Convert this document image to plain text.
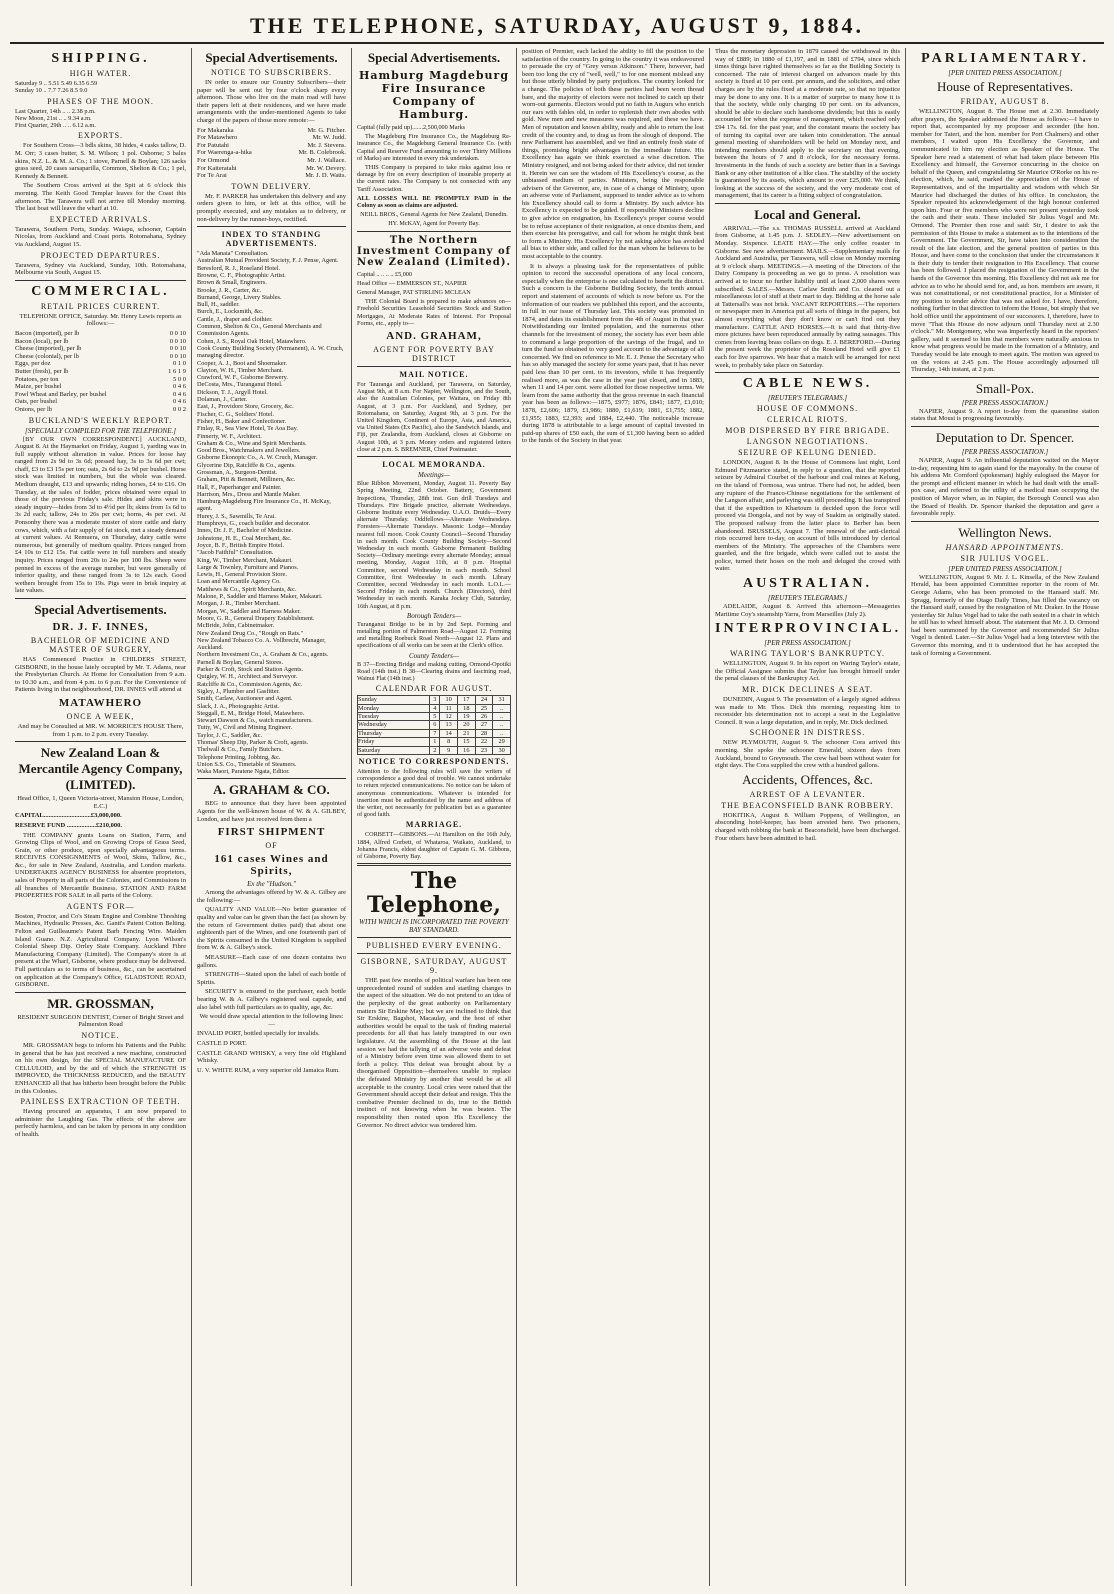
THE TELEPHONE, SATURDAY, AUGUST 9, 1884.
SHIPPING.
HIGH WATER.
Saturday 9 .. 5.51 5.49 6.35 6.59
Sunday 10 .. 7.7 7.26 8.5 9.0
PHASES OF THE MOON.
Last Quarter, 14th .. .. 2.38 p.m.
New Moon, 21st .. .. 9.34 a.m.
First Quarter, 29th .. .. 6.12 a.m.
EXPORTS.

For Southern Cross—3 bdls skins, 38 hides, 4 casks tallow, D. M. Orr; 3 cases butter, S. M. Wilson; 1 pol. Osborne; 3 bales skins, N.Z. L. & M. A. Co.; 1 stove, Parnell & Boylan; 126 sacks grass seed, 20 cases sarsaparilla, Common, Shelton & Co.; 1 pel, Kennedy & Bennett.

The Southern Cross arrived at the Spit at 6 o'clock this morning. The Keith Good Templar leaves for the Coast this afternoon. The Tarawera will not arrive till Monday morning. The last boat will leave the wharf at 10.

EXPECTED ARRIVALS.

Tarawera, Southern Ports, Sunday. Waiapu, schooner, Captain Nicolas, from Auckland and Coast ports. Rotomahana, Sydney via Auckland, August 15.

PROJECTED DEPARTURES.

Tarawera, Sydney via Auckland, Sunday, 10th. Rotomahana, Melbourne via South, August 15.

COMMERCIAL.
RETAIL PRICES CURRENT.

TELEPHONE OFFICE, Saturday. Mr. Henry Lewis reports as follows:—

Bacon (imported), per lb	0 0 10
Bacon (local), per lb	0 0 10
Cheese (imported), per lb	0 0 10
Cheese (colonial), per lb	0 0 10
Eggs, per doz	0 1 0
Butter (fresh), per lb	1 6 1 9
Potatoes, per ton	5 0 0
Maize, per bushel	0 4 6
Fowl Wheat and Barley, per bushel	0 4 6
Oats, per bushel	0 4 6
Onions, per lb	0 0 2
BUCKLAND'S WEEKLY REPORT.
[SPECIALLY COMPILED FOR THE TELEPHONE.]

[BY OUR OWN CORRESPONDENT.] AUCKLAND, August 8. At the Haymarket on Friday, August 1, yarding was in full supply without alteration in value. Prices for loose hay ranged from 2s 9d to 3s 6d; pressed hay, 3s to 3s 6d per cwt; chaff, £3 to £3 15s per ton; oats, 2s 6d to 2s 9d per bushel. Horse stock was limited in numbers, but the whole was cleared. Medium draught, £13 and upwards; riding horses, £4 to £16. On Tuesday, at the sales of fodder, prices obtained were equal to those of the previous Friday's sale. Hides and skins were in steady inquiry—hides from 3d to 4½d per lb; skins from 1s 6d to 3s 2d each; tallow, 24s to 26s per cwt; horns, 4s per cwt. At Ponsonby there was a moderate muster of store cattle and dairy cows, which, with a fair supply of fat stock, met a steady demand at current values. At Remuera, on Thursday, dairy cattle were numerous, but generally of medium quality. Prices ranged from £4 10s to £12 15s. Fat cattle were in full numbers and steady inquiry. Prices ranged from 20s to 24s per 100 lbs. Sheep were penned in excess of the average number, but were generally of inferior quality, and these ranged from 3s to 12s each. Good wethers brought from 15s to 19s. Pigs were in brisk inquiry at late values.

Special Advertisements.
DR. J. F. INNES,
BACHELOR OF MEDICINE AND MASTER OF SURGERY,

HAS Commenced Practice in CHILDERS STREET, GISBORNE, in the house lately occupied by Mr. T. Adams, near the Presbyterian Church. At Home for Consultation from 9 a.m. to 10.30 a.m., and from 4 p.m. to 6 p.m. For the Convenience of Patients living in that neighbourhood, DR. INNES will attend at

MATAWHERO
ONCE A WEEK,

And may be Consulted at MR. W. MORRICE'S HOUSE There, from 1 p.m. to 2 p.m. every Tuesday.

New Zealand Loan & Mercantile Agency Company, (LIMITED).

Head Office, 1, Queen Victoria-street, Mansion House, London, E.C.)

CAPITAL.............................£3,000,000.

RESERVE FUND ..................£210,000.

THE COMPANY grants Loans on Station, Farm, and Growing Clips of Wool, and on Growing Crops of Grass Seed, Grain, or other produce, upon specially advantageous terms. RECEIVES CONSIGNMENTS of Wool, Skins, Tallow, &c., &c., for sale in New Zealand, Australia, and London markets. UNDERTAKES AGENCY BUSINESS for absentee proprietors, sales of Property in all parts of the Colonies, and Commissions in all branches of Mercantile Business. STATION AND FARM PROPERTIES FOR SALE in all parts of the Colony.

AGENTS FOR—

Boston, Proctor, and Co's Steam Engine and Combine Threshing Machines, Hydraulic Presses, &c. Gantt's Patent Cotton Belting. Felton and Guilleaume's Patent Barb Fencing Wire. Maiden Island Guano. N.Z. Agricultural Company. Lyon Wilson's Colonial Sheep Dip. Orrley State Company. Auckland Fibre Manufacturing Company (Limited). The Company's store is at present at the Wharf, Gisborne, where produce may be delivered. Full particulars as to terms of business, &c., can be ascertained on application at the Company's Office, GLADSTONE ROAD, GISBORNE.

MR. GROSSMAN,

RESIDENT SURGEON DENTIST, Corner of Bright Street and Palmerston Road

NOTICE.

MR. GROSSMAN begs to inform his Patients and the Public in general that he has just received a new machine, constructed on his own design, for the SPECIAL MANUFACTURE OF CELLULOID, and by the aid of which the STRENGTH IS IMPROVED, the THICKNESS REDUCED, and the BEAUTY ENHANCED all that has hitherto been brought before the Public in this Colonies.

PAINLESS EXTRACTION OF TEETH.

Having procured an apparatus, I am now prepared to administer the Laughing Gas. The effects of the above are perfectly harmless, and can be taken by persons in any condition of health.

Special Advertisements.
NOTICE TO SUBSCRIBERS.

IN order to ensure our Country Subscribers—their paper will be sent out by four o'clock sharp every afternoon. Those who live on the main road will have their papers left at their residences, and we have made arrangements with the under-mentioned Agents to take charge of the papers of those more remote:—

For Makaraka	Mr. G. Fitcher.
For Matawhero	Mr. W. Judd.
For Patutahi	Mr. J. Stevens.
For Waerenga-a-hika	Mr. B. Colebrook.
For Ormond	Mr. J. Wallace.
For Kaiteratahi	Mr. W. Devery.
For Te Arai	Mr. J. D. Watts.
TOWN DELIVERY.

Mr. F. PARKER has undertaken this delivery and any orders given to him, or left at this office, will be promptly executed, and any mistakes as to delivery, or non-delivery by the runner-boys, rectified.

INDEX TO STANDING ADVERTISEMENTS.
"Ada Manaia" Consultation.
Australian Mutual Provident Society, F. J. Pense, Agent.
Beresford, R. J., Roseland Hotel.
Browne, C. F., Photographic Artist.
Brown & Small, Engineers.
Brooke, J. R., Carter, &c.
Burnand, George, Livery Stables.
Bull, H., saddler.
Burch, E., Locksmith, &c.
Cantle, J., draper and clothier.
Common, Shelton & Co., General Merchants and Commission Agents.
Cohen, J. S., Royal Oak Hotel, Matawhero.
Cook County Building Society (Permanent), A. W. Cruch, managing director.
Cooper, A. J., Boot and Shoemaker.
Clayton, W. H., Timber Merchant.
Crawford, W. F., Gisborne Brewery.
DeCosta, Mrs., Turanganui Hotel.
Dickson, T. J., Argyll Hotel.
Dolaman, J., Carter.
East, J., Providore Store, Grocery, &c.
Fischer, C. G., Soldiers' Hotel.
Fisher, H., Baker and Confectioner.
Finlay, R., Sea View Hotel, Te Aoa Bay.
Finnerty, W. F., Architect.
Graham & Co., Wine and Spirit Merchants.
Good Bros., Watchmakers and Jewellers.
Gisborne Ekonopic Co., A. W. Cruch, Manager.
Glycerine Dip, Ratcliffe & Co., agents.
Grossman, A., Surgeon-Dentist.
Graham, Pitt & Bennett, Milliners, &c.
Hall, F., Paperhanger and Painter.
Harrison, Mrs., Dress and Mantle Maker.
Hamburg-Magdeburg Fire Insurance Co., H. McKay, agent.
Hurey, J. S., Sawmills, Te Arai.
Humphreys, G., coach builder and decorator.
Innes, Dr. J. F., Bachelor of Medicine.
Johnstone, H. E., Coal Merchant, &c.
Joyce, B. F., British Empire Hotel.
"Jacob Faithful" Consultation.
King, W., Timber Merchant, Makauri.
Large & Townley, Furniture and Pianos.
Lewis, H., General Provision Store.
Loan and Mercantile Agency Co.
Matthews & Co., Spirit Merchants, &c.
Malone, P., Saddler and Harness Maker, Makauri.
Morgan, J. R., Timber Merchant.
Morgan, W., Saddler and Harness Maker.
Moore, G. R., General Drapery Establishment.
McBride, John, Cabinetmaker.
New Zealand Drug Co., "Rough on Rats."
New Zealand Tobacco Co. A. Vollbrecht, Manager, Auckland.
Northern Investment Co., A. Graham & Co., agents.
Parnell & Boylan, General Stores.
Parker & Croft, Stock and Station Agents.
Quigley, W. H., Architect and Surveyor.
Ratcliffe & Co., Commission Agents, &c.
Sigley, J., Plumber and Gasfitter.
Smith, Carlaw, Auctioneer and Agent.
Slack, J. A., Photographic Artist.
Steggall, E. M., Bridge Hotel, Matawhero.
Stewart Dawson & Co., watch manufacturers.
Tutty, W., Civil and Mining Engineer.
Taylor, J. C., Saddler, &c.
Thomas' Sheep Dip, Parker & Croft, agents.
Thelwall & Co., Family Butchers.
Telephone Printing, Jobbing, &c.
Union S.S. Co., Timetable of Steamers.
Waka Maori, Paratene Ngata, Editor.
A. GRAHAM & CO.

BEG to announce that they have been appointed Agents for the well-known house of W. & A. GILBEY, London, and have just received from them a

FIRST SHIPMENT
OF
161 cases Wines and Spirits,
Ex the "Hudson."

Among the advantages offered by W. & A. Gilbey are the following:—

QUALITY AND VALUE—No better guarantee of quality and value can be given than the fact (as shown by the return of Government duties paid) that about one eighteenth part of the Wines, and one fourteenth part of the Spirits consumed in the United Kingdom is supplied from W. & A. Gilbey's stock.

MEASURE—Each case of one dozen contains two gallons.

STRENGTH—Stated upon the label of each bottle of Spirits.

SECURITY is ensured to the purchaser, each bottle bearing W. & A. Gilbey's registered seal capsule, and also label with full particulars as to quality, age, &c.

We would draw special attention to the following lines:—

INVALID PORT, bottled specially for invalids.

CASTLE D PORT.

CASTLE GRAND WHISKY, a very fine old Highland Whisky.

U. V. WHITE RUM, a very superior old Jamaica Rum.

Special Advertisements.
Hamburg Magdeburg Fire Insurance Company of Hamburg.

Capital (fully paid up).......2,500,000 Marks

The Magdeburg Fire Insurance Co., the Magdeburg Re-insurance Co., the Magdeburg General Insurance Co. (with Capital and Reserve Fund amounting to over Thirty Millions of Marks) are interested in every risk undertaken.

THIS Company is prepared to take risks against loss or damage by fire on every description of insurable property at the current rates. The Company is not connected with any Tariff Association.

ALL LOSSES WILL BE PROMPTLY PAID in the Colony as soon as claims are adjusted.

NEILL BROS., General Agents for New Zealand, Dunedin.

HY. McKAY, Agent for Poverty Bay.

The Northern Investment Company of New Zealand (Limited).

Capital .. .. .. .. £5,000

Head Office — EMMERSON ST., NAPIER

General Manager, PAT STIRLING MCLEAN

THE Colonial Board is prepared to make advances on— Freehold Securities Leasehold Securities Stock and Station Mortgages, At Moderate Rates of Interest. For Proposal Forms, etc., apply to—

AND. GRAHAM,
AGENT FOR POVERTY BAY DISTRICT
MAIL NOTICE.

For Tauranga and Auckland, per Tarawera, on Saturday, August 9th, at 8 a.m. For Napier, Wellington, and the South, also the Australian Colonies, per Waitara, on Friday 8th August, at 3 p.m. For Auckland, and Sydney, per Rotomahana, on Saturday, August 9th, at 3 p.m. For the United Kingdom, Continent of Europe, Asia, and America, via United States (Ex Pacific), also the Sandwich Islands, and Fiji, per Zealandia, from Auckland, closes at Gisborne on August 10th, at 3 p.m. Money orders and registered letters close at 2 p.m. S. BREMNER, Chief Postmaster.

LOCAL MEMORANDA.
Meetings—

Blue Ribbon Movement, Monday, August 11. Poverty Bay Spring Meeting, 22nd October. Battery, Government Inspections, Thursday, 28th inst. Gun drill Tuesdays and Thursdays. Fire Brigade practice, alternate Wednesdays. Gisborne Institute every Wednesday. U.A.O. Druids—Every alternate Thursday. Oddfellows—Alternate Wednesdays. Foresters—Alternate Tuesdays. Masonic Lodge—Monday nearest full moon. Cook County Council—Second Thursday in each month. Cook County Building Society—Second Wednesday in each month. Gisborne Permanent Building Society—Ordinary meetings every alternate Monday; annual meeting, Monday, August 11th, at 8 p.m. Hospital Committee, second Wednesday in each month. School Committee, first Wednesday in each month. Library Committee, second Wednesday in each month. L.O.L.—Second Friday in each month. Church (Directors), third Wednesday in each month. Karaka Jockey Club, Saturday, 16th August, at 8 p.m.

Borough Tenders—

Turanganui Bridge to be in by 2nd Sept. Forming and metalling portion of Palmerston Road—August 12. Forming and metalling Roebuck Road North—August 12. Plans and specifications of all works can be seen at the Clerk's office.

County Tenders—

B 37—Erecting Bridge and making cutting, Ormond-Opotiki Road (14th inst.) B 38—Clearing drains and fascining road, Wainui Flat (14th inst.)

CALENDAR FOR AUGUST.
Sunday	3	10	17	24	31
Monday	4	11	18	25	..
Tuesday	5	12	19	26	..
Wednesday	6	13	20	27	..
Thursday	7	14	21	28	..
Friday	1	8	15	22	29
Saturday	2	9	16	23	30
NOTICE TO CORRESPONDENTS.

Attention to the following rules will save the writers of correspondence a good deal of trouble. We cannot undertake to return rejected communications. No notice can be taken of anonymous communications. Whatever is intended for insertion must be authenticated by the name and address of the writer, not necessarily for publication but as a guarantee of good faith.

MARRIAGE.

CORBETT—GIBBONS.—At Hamilton on the 16th July, 1884, Alfred Corbett, of Whataroa, Waikato, Auckland, to Johanna Francis, eldest daughter of Captain G. M. Gibbons, of Gisborne, Poverty Bay.

The Telephone,
WITH WHICH IS INCORPORATED THE POVERTY BAY STANDARD.
PUBLISHED EVERY EVENING.
GISBORNE, SATURDAY, AUGUST 9.

THE past few months of political warfare has been one unprecedented round of sudden and startling changes in the aspect of the situation. We do not pretend to an idea of the perplexity of the great authority on Parliamentary matters Sir Erskine May; but we are inclined to think that Sir Erskine, Bagshot, Macaulay, and the host of other authorities would be equal to the task of finding material precedents for all that has lately transpired in our own legislature. At the assembling of the House at the last session we had the tallying of an adverse vote and defeat of a Ministry before even time was allowed them to set forth a policy. This defeat was brought about by a disorganised Opposition—themselves unable to replace the defeated Ministry by another that would be at all acceptable to the country. Local cries were raised that the Government should accept their defeat and resign. This the combative Premier declined to do, true to the British instinct of not knowing when he was beaten. The responsibility then rested upon His Excellency the Governor. No direct advice was tendered him.

position of Premier, each lacked the ability to fill the position to the satisfaction of the country. In going to the country it was endeavoured to persuade the cry of "Grey versus Atkinson." There, however, had been too long the cry of "well, well," to for one moment mislead any but those utterly blinded by party prejudices. The country looked for a change. The policies of both these parties had been worn thread bare, and the majority of electors were not inclined to catch up their worn-out garments. Electors would put no faith in Augurs who enrich our ears with fables old, in order to replenish their own abodes with gold. New men and new measures was required, and these we have. Men of reputation and known ability, ready and able to return the lost credit of the country and, to drag us from the slough of despond. The new Parliament has assembled, and we find an entirely fresh state of things, promising bright advantages in the immediate future. His Excellency has again we think exercised a wise discretion. The Ministry resigned, and not being asked for their advice, did not tender it. Herein we can see the wisdom of His Excellency's course, as the unbiassed medium of parties. Ministers, being the responsible advisers of the Governor, are, in case of a change of Ministry, upon an adverse vote of Parliament, supposed to tender advice as to whom his Excellency should call to form a Ministry. By such advice his Excellency is expected to be guided. If responsible Ministers decline to give advice on resignation, his Excellency's proper course would be to refuse acceptance of their resignation, at once dismiss them, and then exercise his prerogative, and call for whom he might think best to form a Ministry. His Excellency by not asking advice has avoided all bias to either side, and called for the man whom he believes to be most acceptable to the country.

It is always a pleasing task for the representatives of public opinion to record the successful operations of any local concern, especially when the enterprise is one calculated to benefit the district. Such a concern is the Gisborne Building Society, the tenth annual report and statement of accounts of which is now before us. For the information of our readers we published this report, and the accounts, in full in our issue of Thursday last. This society was promoted in 1874, and dates its establishment from the 4th of August in that year. Notwithstanding our limited population, and the numerous other channels for the investment of money, the society has ever been able to command a large proportion of the savings of the frugal, and to turn the fund so obtained to very good account to the advantage of all concerned. We find on reference to Mr. E. J. Pense the Secretary who has so ably managed the society for some years past, that it has never paid less than 10 per cent. to its investors, while it has frequently realised more, as was the case in the year just closed, and in 1883, when 11 and 14 per cent. were allotted for those respective terms. We learn from the same authority that the gross revenue in each financial year has been as follows:—1875, £977; 1876, £841; 1877, £1,010; 1878, £2,606; 1879, £1,986; 1880, £1,619; 1881, £1,755; 1882, £1,955; 1883, £2,393; and 1884, £2,440. The noticeable increase during 1878 is attributable to a large amount of capital invested in paid-up shares of £50 each, the sum of £1,300 having been so added to the funds of the Society in that year.

Thus the monetary depression in 1879 caused the withdrawal in this way of £889; in 1880 of £1,197, and in 1881 of £794, since which times things have righted themselves so far as the Building Society is concerned. The rate of interest charged on advances made by this society is fixed at 10 per cent. per annum, and the solicitors, and other charges are by the rules fixed at a moderate rate, so that no injustice may be done to any one. It is a matter of surprise to many how it is that the society, while only charging 10 per cent. on its advances, should be able to declare such handsome dividends; but this is easily accounted for when the expense of management, which reached only £94 17s. 6d. for the past year, and the constant means the society has of turning its capital over are taken into consideration. The annual general meeting of shareholders will be held on Monday next, and intending members should apply to the secretary on that evening, between the hours of 7 and 8 o'clock, for the necessary forms. Investments in the funds of such a society are better than in a Savings Bank or any other institution of a like class. The stability of the society is guaranteed by its assets, which amount to over £25,000. We think, looking at the success of the society, and the very moderate cost of management, that its career is a fitting subject of congratulation.

Local and General.

ARRIVAL.—The s.s. THOMAS RUSSELL arrived at Auckland from Gisborne, at 1.45 p.m. J. SEDLEY.—New advertisement on Monday. Sixpence. LEATE HAY.—The only coffee roaster in Gisborne. See new advertisement. MAILS.—Supplementary mails for Auckland and Australia, per Tarawera, will close on Monday morning at 9 o'clock sharp. MEETINGS.—A meeting of the Directors of the Dairy Company is proceeding as we go to press. A resolution was arrived at to incur no further liability until at least 2,000 shares were subscribed. SALES.—Messrs. Carlaw Smith and Co. cleared out a miscellaneous lot of stuff at their mart to day. Bidding at the horse sale at Tattersall's was not brisk. VACANT REPORTERS.—The reporters or newspaper men in America put all sorts of things in the papers, but almost everything what they don't know or can't find out they manufacture. CATTLE AND HORSES.—It is said that thirty-five more pictures have been reproduced annually by eating sausages. This comes from leaving brass collars on dogs. E. J. BEREFORD.—During the present week the proprietor of the Roseland Hotel will give £1 each for live sparrows. We hear that a match will be arranged for next week, to probably take place on Saturday.

CABLE NEWS.
[REUTER'S TELEGRAMS.]
HOUSE OF COMMONS.
CLERICAL RIOTS.
MOB DISPERSED BY FIRE BRIGADE.
LANGSON NEGOTIATIONS.
SEIZURE OF KELUNG DENIED.

LONDON, August 8. In the House of Commons last night, Lord Edmund Fitzmaurice stated, in reply to a question, that the reported seizure by Admiral Courbet of the harbour and coal mines at Kelung, on the island of Formosa, was untrue. There had not, he added, been any rupture of the Franco-Chinese negotiations for the settlement of the Langson affair, and parleying was still proceeding. It has transpired that if the expedition to Khartoum is decided upon the force will proceed via Dongola, and not by way of Suakim as originally stated. The proposed railway from the latter place to Berber has been abandoned. BRUSSELS, August 7. The renewal of the anti-clerical riots occurred here to-day, on account of bills introduced by clerical members of the Ministry. The approaches of the Chambers were guarded, and the fire brigade, which were called out to assist the police, turned their hoses on the mob and deluged the crowd with water.

AUSTRALIAN.
[REUTER'S TELEGRAMS.]

ADELAIDE, August 8. Arrived this afternoon—Messageries Maritime Coy's steamship Yarra, from Marseilles (July 2).

INTERPROVINCIAL.
[PER PRESS ASSOCIATION.]
WARING TAYLOR'S BANKRUPTCY.

WELLINGTON, August 9. In his report on Waring Taylor's estate, the Official Assignee submits that Taylor has brought himself under the penal clauses of the Bankruptcy Act.

MR. DICK DECLINES A SEAT.

DUNEDIN, August 9. The presentation of a largely signed address was made to Mr. Thos. Dick this morning, requesting him to reconsider his determination not to accept a seat in the Legislative Council. It was a large deputation, and in reply, Mr. Dick declined.

SCHOONER IN DISTRESS.

NEW PLYMOUTH, August 9. The schooner Cora arrived this morning. She spoke the schooner Emerald, sixteen days from Auckland, bound to Greymouth. The crew had been without water for eight days. The Cora supplied the crew with a hundred gallons.

Accidents, Offences, &c.
ARREST OF A LEVANTER.
THE BEACONSFIELD BANK ROBBERY.

HOKITIKA, August 8. William Poppens, of Wellington, an absconding hotel-keeper, has been arrested here. Two prisoners, charged with robbing the bank at Beaconsfield, have been discharged. Four others have been admitted to bail.

PARLIAMENTARY.
[PER UNITED PRESS ASSOCIATION.]
House of Representatives.
FRIDAY, AUGUST 8.

WELLINGTON, August 8. The House met at 2.30. Immediately after prayers, the Speaker addressed the House as follows:—I have to report that, accompanied by my proposer and seconder (the hon. member for Taieri, and the hon. member for Port Chalmers) and other members, I waited upon His Excellency the Governor, and communicated to him my election as Speaker of the House. The Speaker here read a statement of what had taken place between His Excellency and himself, the Governor concurring in the choice on behalf of the Queen, and congratulating Sir Maurice O'Rorke on his re-election, which, he said, marked the appreciation of the House of Representatives, and of the impartiality and wisdom with which Sir Maurice had discharged the duties of his office. In conclusion, the Speaker repeated his acknowledgement of the high honour conferred upon him. Four or five members who were not present yesterday took the oath and their seats. These included Sir Julius Vogel and Mr. Ormond. The Premier then rose and said: Sir, I desire to ask the permission of this House to make a statement as to the intentions of the Government. The Government, Sir, have taken into consideration the result of the late election, and the general position of parties in this House, and have come to the conclusion that under the circumstances it is their duty to tender their resignation to His Excellency. That course has been followed. I placed the resignation of the Government in the hands of the Governor this morning. His Excellency did not ask me for advice as to who he should send for, and, as hon. members are aware, it was not constitutional, or not constitutional practice, for a Minister of my position to tender advice that was not asked for. I have, therefore, nothing further in that direction to inform the House, but simply that we hold office until the appointment of our successors. I, therefore, have to move "That this House do now adjourn until Thursday next at 2.30 o'clock." Mr. Montgomery, who was imperfectly heard in the reporters' gallery, said it seemed to him that members were naturally anxious to know what progress would be made in the formation of a Ministry, and Tuesday would be late enough to meet again. The motion was agreed to on the voices at 2.45 p.m. The House accordingly adjourned till Thursday, 14th instant, at 2 p.m.

Small-Pox.
[PER PRESS ASSOCIATION.]

NAPIER, August 9. A report to-day from the quarantine station states that Mousi is progressing favourably.

Deputation to Dr. Spencer.
[PER PRESS ASSOCIATION.]

NAPIER, August 9. An influential deputation waited on the Mayor to-day, requesting him to again stand for the mayoralty. In the course of his address Mr. Cornford (spokesman) highly eulogised the Mayor for the prompt and efficient manner in which he had dealt with the small-pox case, and referred to the utility of a medical man occupying the position of Mayor when, as in Napier, the Borough Council was also the Board of Health. Dr. Spencer thanked the deputation and gave a favourable reply.

Wellington News.
HANSARD APPOINTMENTS.
SIR JULIUS VOGEL.
[PER UNITED PRESS ASSOCIATION.]

WELLINGTON, August 9. Mr. J. L. Kinsella, of the New Zealand Herald, has been appointed Committee reporter in the room of Mr. George Adams, who has been promoted to the Hansard staff. Mr. Spragg, formerly of the Otago Daily Times, has filled the vacancy on the Hansard staff, caused by the resignation of Mr. Draker. In the House yesterday Sir Julius Vogel had to take the oath seated in a chair in which he still has to wheel himself about. The statement that Mr. J. D. Ormond had been summoned by the Governor and recommended Sir Julius Vogel is denied. Later.—Sir Julius Vogel had a long interview with the Governor this morning, and it is understood that he has accepted the task of forming a Government.
